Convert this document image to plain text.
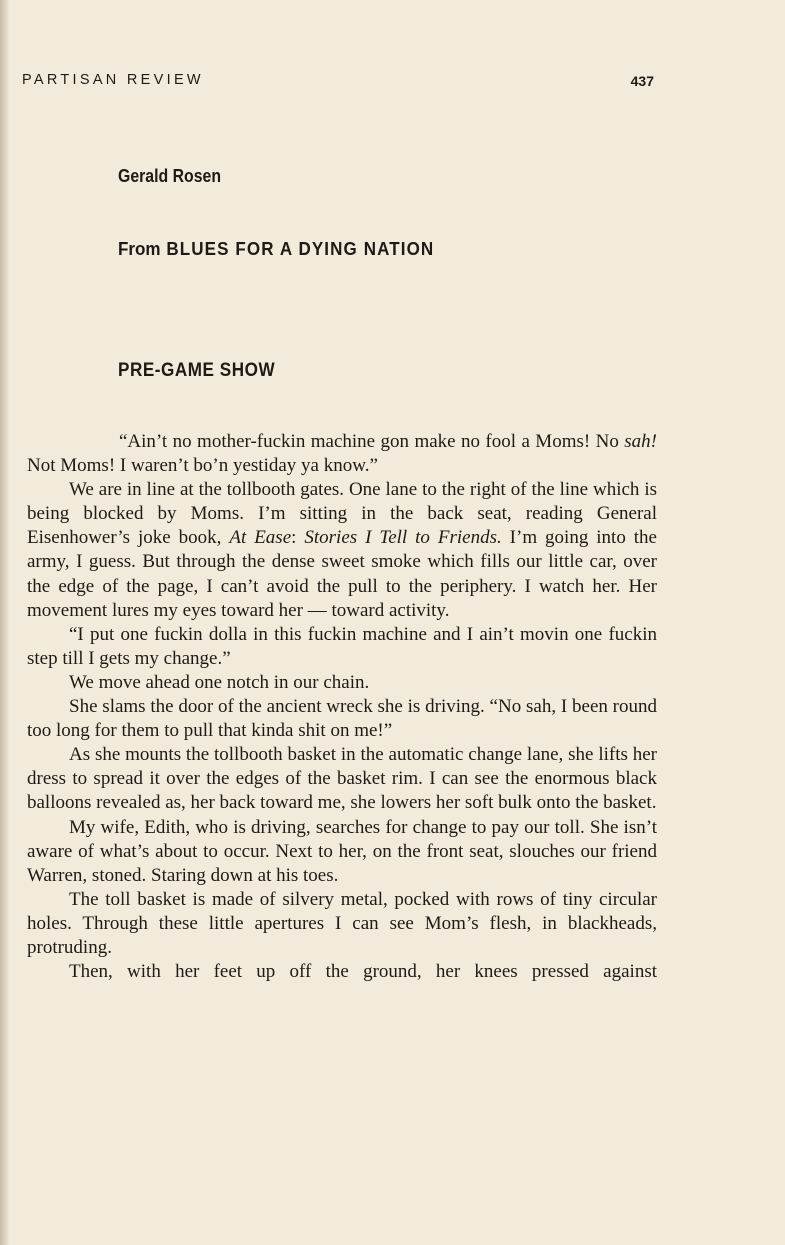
PARTISAN REVIEW	437
Gerald Rosen
From BLUES FOR A DYING NATION
PRE-GAME SHOW

“Ain’t no mother-fuckin machine gon make no fool a Moms! No sah! Not Moms! I waren’t bo’n yestiday ya know.”

We are in line at the tollbooth gates. One lane to the right of the line which is being blocked by Moms. I’m sitting in the back seat, reading General Eisenhower’s joke book, At Ease: Stories I Tell to Friends. I’m going into the army, I guess. But through the dense sweet smoke which fills our little car, over the edge of the page, I can’t avoid the pull to the periphery. I watch her. Her movement lures my eyes toward her — toward activity.

“I put one fuckin dolla in this fuckin machine and I ain’t movin one fuckin step till I gets my change.”

We move ahead one notch in our chain.

She slams the door of the ancient wreck she is driving. “No sah, I been round too long for them to pull that kinda shit on me!”

As she mounts the tollbooth basket in the automatic change lane, she lifts her dress to spread it over the edges of the basket rim. I can see the enormous black balloons revealed as, her back toward me, she lowers her soft bulk onto the basket.

My wife, Edith, who is driving, searches for change to pay our toll. She isn’t aware of what’s about to occur. Next to her, on the front seat, slouches our friend Warren, stoned. Staring down at his toes.

The toll basket is made of silvery metal, pocked with rows of tiny circular holes. Through these little apertures I can see Mom’s flesh, in blackheads, protruding.

Then, with her feet up off the ground, her knees pressed against
